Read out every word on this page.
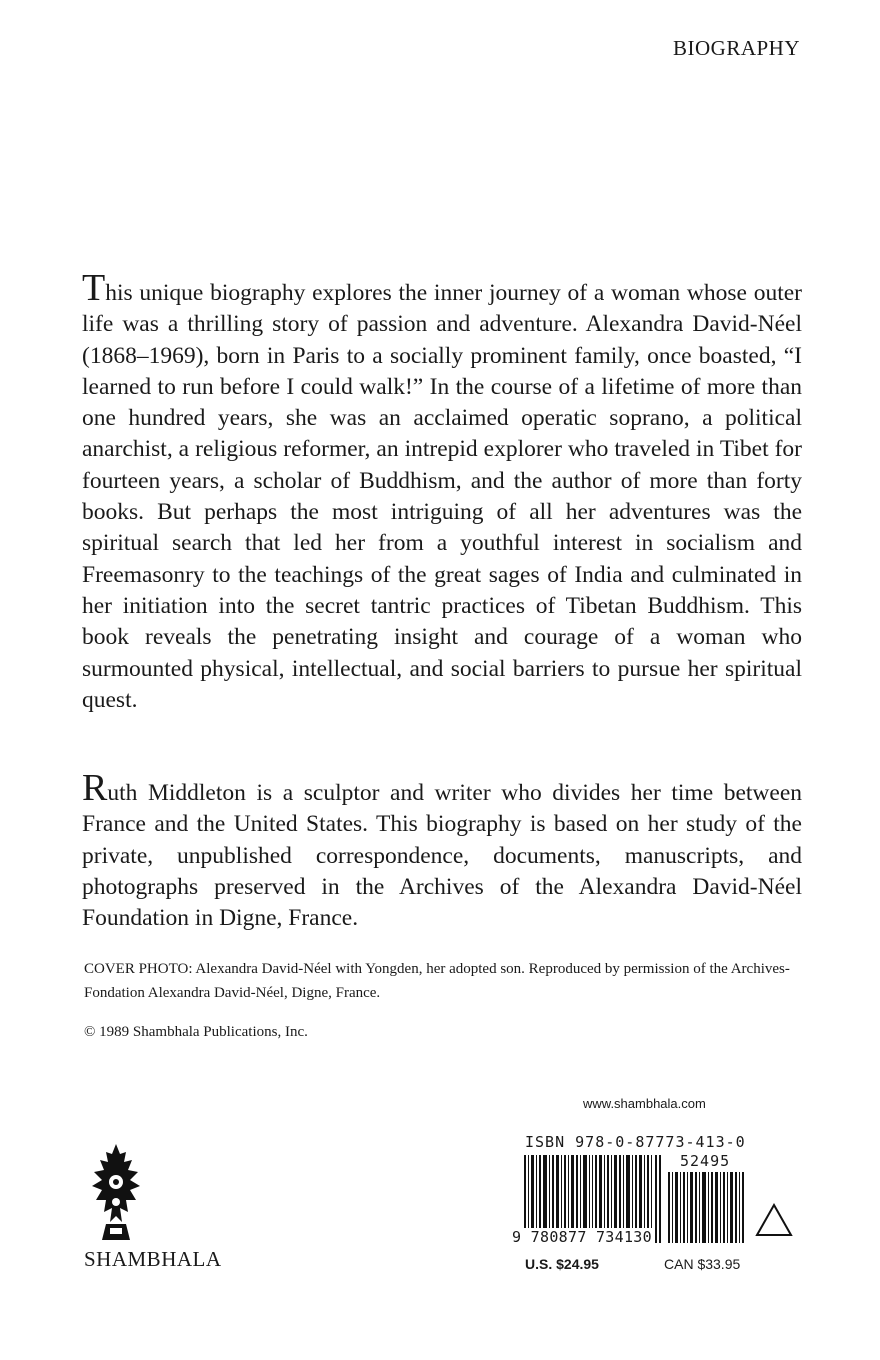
BIOGRAPHY

This unique biography explores the inner journey of a woman whose outer life was a thrilling story of passion and adventure. Alexandra David-Néel (1868–1969), born in Paris to a socially prominent family, once boasted, “I learned to run before I could walk!” In the course of a lifetime of more than one hundred years, she was an acclaimed operatic soprano, a political anarchist, a religious reformer, an intrepid explorer who traveled in Tibet for fourteen years, a scholar of Buddhism, and the author of more than forty books. But perhaps the most intriguing of all her adventures was the spiritual search that led her from a youthful interest in socialism and Freemasonry to the teachings of the great sages of India and culminated in her initiation into the secret tantric practices of Tibetan Buddhism. This book reveals the penetrating insight and courage of a woman who surmounted physical, intellectual, and social barriers to pursue her spiritual quest.

Ruth Middleton is a sculptor and writer who divides her time between France and the United States. This biography is based on her study of the private, unpublished correspondence, documents, manuscripts, and photographs preserved in the Archives of the Alexandra David-Néel Foundation in Digne, France.

COVER PHOTO: Alexandra David-Néel with Yongden, her adopted son. Reproduced by permission of the Archives-Fondation Alexandra David-Néel, Digne, France.

© 1989 Shambhala Publications, Inc.
www.shambhala.com
SHAMBHALA
ISBN 978-0-87773-413-0
52495
9 780877 734130
U.S. $24.95	CAN $33.95
